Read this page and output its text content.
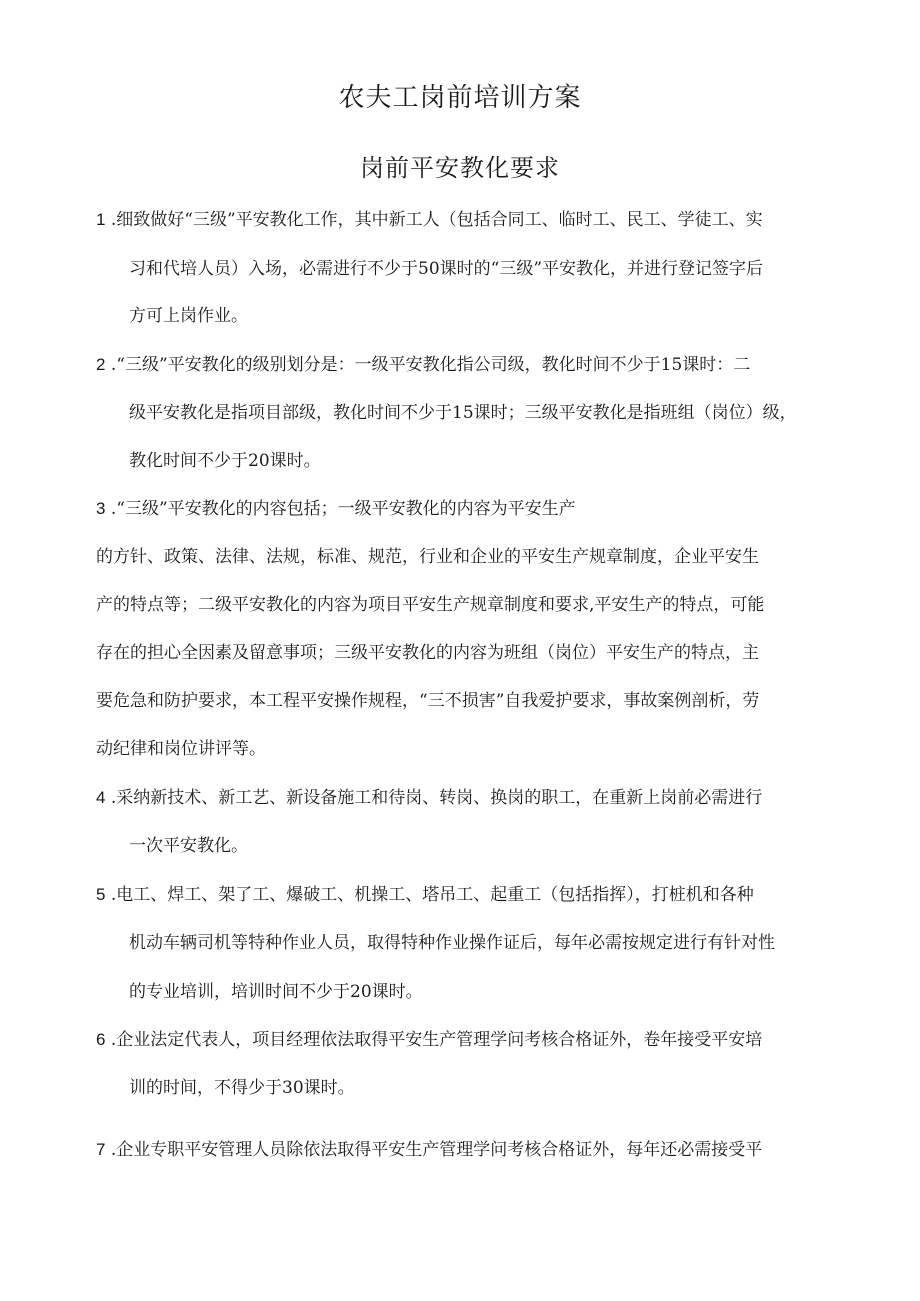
农夫工岗前培训方案
岗前平安教化要求
1 .细致做好“三级”平安教化工作，其中新工人（包括合同工、临时工、民工、学徒工、实
习和代培人员）入场，必需进行不少于50课时的“三级”平安教化，并进行登记签字后
方可上岗作业。
2 .“三级”平安教化的级别划分是：一级平安教化指公司级，教化时间不少于15课时：二
级平安教化是指项目部级，教化时间不少于15课时；三级平安教化是指班组（岗位）级，
教化时间不少于20课时。
3 .“三级”平安教化的内容包括；一级平安教化的内容为平安生产
的方针、政策、法律、法规，标准、规范，行业和企业的平安生产规章制度，企业平安生
产的特点等；二级平安教化的内容为项目平安生产规章制度和要求,平安生产的特点，可能
存在的担心全因素及留意事项；三级平安教化的内容为班组（岗位）平安生产的特点，主
要危急和防护要求，本工程平安操作规程，“三不损害”自我爱护要求，事故案例剖析，劳
动纪律和岗位讲评等。
4 .采纳新技术、新工艺、新设备施工和待岗、转岗、换岗的职工，在重新上岗前必需进行
一次平安教化。
5 .电工、焊工、架了工、爆破工、机操工、塔吊工、起重工（包括指挥），打桩机和各种
机动车辆司机等特种作业人员，取得特种作业操作证后，每年必需按规定进行有针对性
的专业培训，培训时间不少于20课时。
6 .企业法定代表人，项目经理依法取得平安生产管理学问考核合格证外，卷年接受平安培
训的时间，不得少于30课时。
7 .企业专职平安管理人员除依法取得平安生产管理学问考核合格证外，每年还必需接受平
